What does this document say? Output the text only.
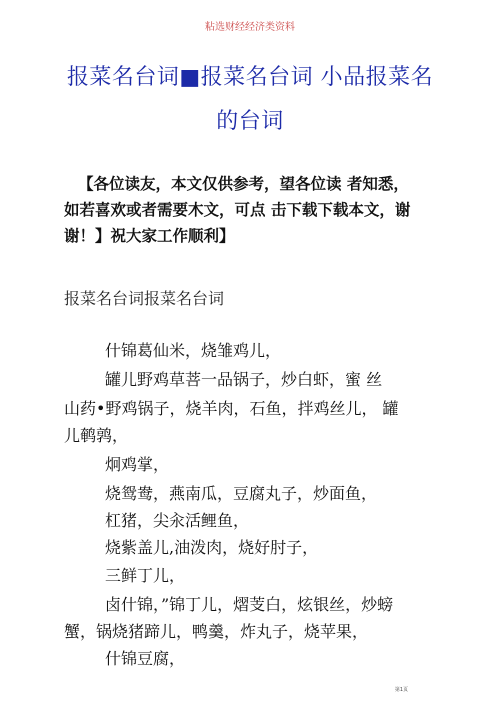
粘选财经经济类资料
报菜名台词■报菜名台词 小品报菜名
的台词
【各位读友，本文仅供参考，望各位读 者知悉，
如若喜欢或者需要木文，可点 击下载下载本文，谢
谢！】祝大家工作顺利】
报菜名台词报菜名台词
什锦葛仙米，烧雏鸡儿，
罐儿野鸡草菩一品锅子，炒白虾，蜜 丝
山药•野鸡锅子，烧羊肉，石鱼，拌鸡丝儿， 罐
儿鹌鹑，
炯鸡掌，
烧鸳鸯，燕南瓜，豆腐丸子，炒面鱼，
杠猪，尖汆活鲤鱼，
烧紫盖儿,油泼肉，烧好肘子，
三鲜丁儿，
卤什锦，”锦丁儿，熠芰白，炫银丝，炒螃
蟹，锅烧猪蹄儿，鸭羹，炸丸子，烧苹果，
什锦豆腐，
第1页
